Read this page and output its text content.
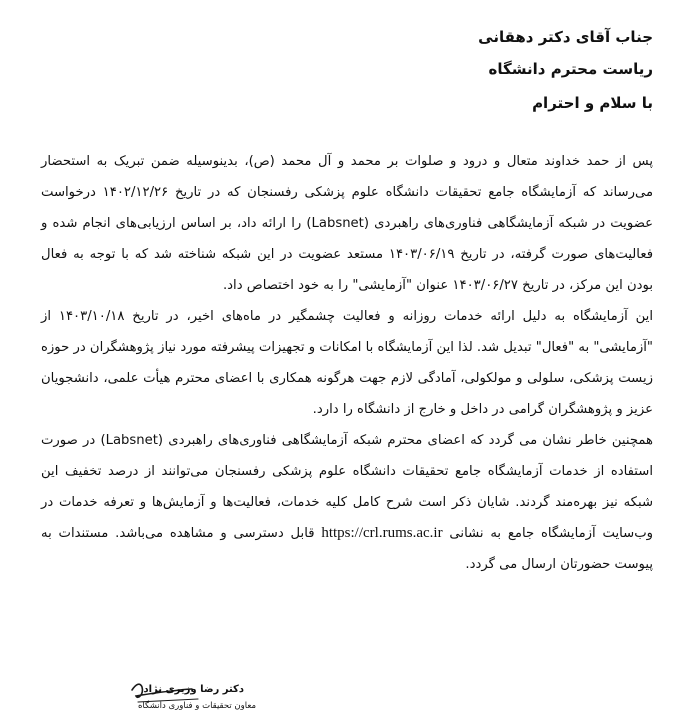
جناب آقای دکتر دهقانی
ریاست محترم دانشگاه
با سلام و احترام

پس از حمد خداوند متعال و درود و صلوات بر محمد و آل محمد (ص)، بدینوسیله ضمن تبریک به استحضار می‌رساند که آزمایشگاه جامع تحقیقات دانشگاه علوم پزشکی رفسنجان که در تاریخ ۱۴۰۲/۱۲/۲۶ درخواست عضویت در شبکه آزمایشگاهی فناوری‌های راهبردی (Labsnet) را ارائه داد، بر اساس ارزیابی‌های انجام شده و فعالیت‌های صورت گرفته، در تاریخ ۱۴۰۳/۰۶/۱۹ مستعد عضویت در این شبکه شناخته شد که با توجه به فعال بودن این مرکز، در تاریخ ۱۴۰۳/۰۶/۲۷ عنوان "آزمایشی" را به خود اختصاص داد.

این آزمایشگاه به دلیل ارائه خدمات روزانه و فعالیت چشمگیر در ماه‌های اخیر، در تاریخ ۱۴۰۳/۱۰/۱۸ از "آزمایشی" به "فعال" تبدیل شد. لذا این آزمایشگاه با امکانات و تجهیزات پیشرفته مورد نیاز پژوهشگران در حوزه زیست پزشکی، سلولی و مولکولی، آمادگی لازم جهت هرگونه همکاری با اعضای محترم هیأت علمی، دانشجویان عزیز و پژوهشگران گرامی در داخل و خارج از دانشگاه را دارد.

همچنین خاطر نشان می گردد که اعضای محترم شبکه آزمایشگاهی فناوری‌های راهبردی (Labsnet) در صورت استفاده از خدمات آزمایشگاه جامع تحقیقات دانشگاه علوم پزشکی رفسنجان می‌توانند از درصد تخفیف این شبکه نیز بهره‌مند گردند. شایان ذکر است شرح کامل کلیه خدمات، فعالیت‌ها و آزمایش‌ها و تعرفه خدمات در وب‌سایت آزمایشگاه جامع به نشانی https://crl.rums.ac.ir قابل دسترسی و مشاهده می‌باشد. مستندات به پیوست حضورتان ارسال می گردد.

دکتر رضا وزیری نژاد
معاون تحقیقات و فناوری دانشگاه
